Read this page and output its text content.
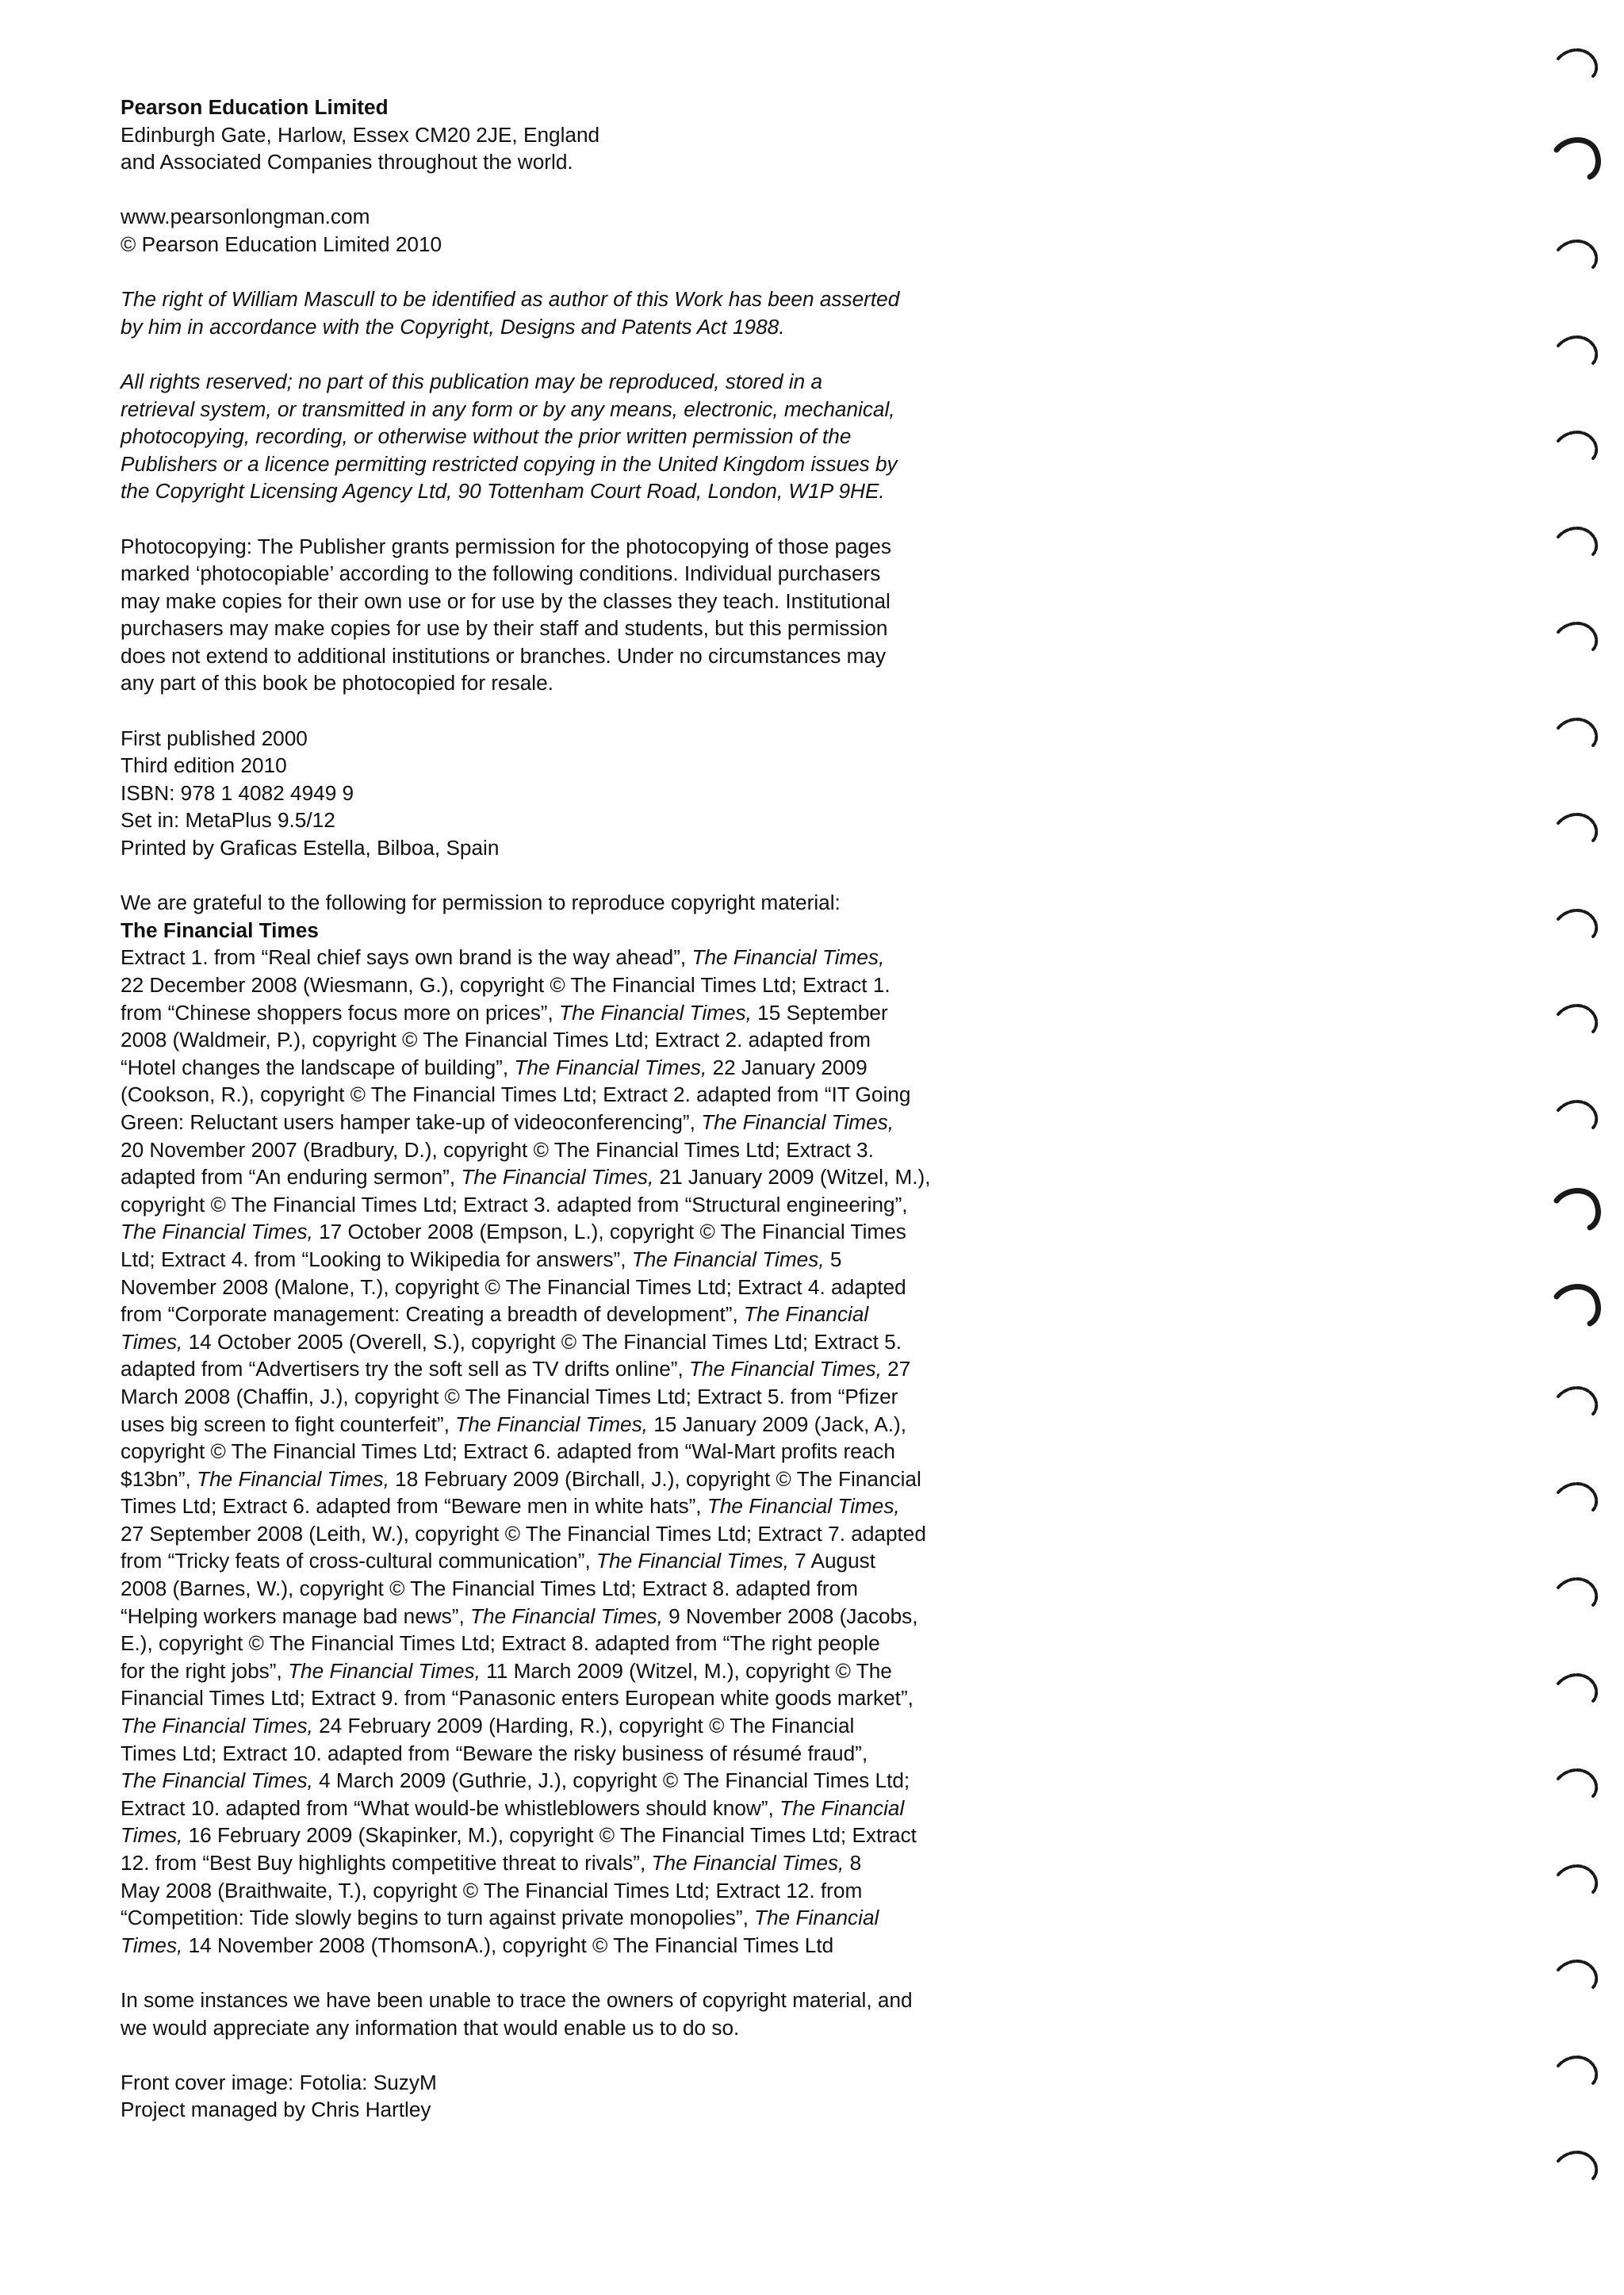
Pearson Education Limited
Edinburgh Gate, Harlow, Essex CM20 2JE, England
and Associated Companies throughout the world.
www.pearsonlongman.com
© Pearson Education Limited 2010
The right of William Mascull to be identified as author of this Work has been asserted
by him in accordance with the Copyright, Designs and Patents Act 1988.
All rights reserved; no part of this publication may be reproduced, stored in a
retrieval system, or transmitted in any form or by any means, electronic, mechanical,
photocopying, recording, or otherwise without the prior written permission of the
Publishers or a licence permitting restricted copying in the United Kingdom issues by
the Copyright Licensing Agency Ltd, 90 Tottenham Court Road, London, W1P 9HE.
Photocopying: The Publisher grants permission for the photocopying of those pages
marked ‘photocopiable’ according to the following conditions. Individual purchasers
may make copies for their own use or for use by the classes they teach. Institutional
purchasers may make copies for use by their staff and students, but this permission
does not extend to additional institutions or branches. Under no circumstances may
any part of this book be photocopied for resale.
First published 2000
Third edition 2010
ISBN: 978 1 4082 4949 9
Set in: MetaPlus 9.5/12
Printed by Graficas Estella, Bilboa, Spain
We are grateful to the following for permission to reproduce copyright material:
The Financial Times
Extract 1. from “Real chief says own brand is the way ahead”, The Financial Times,
22 December 2008 (Wiesmann, G.), copyright © The Financial Times Ltd; Extract 1.
from “Chinese shoppers focus more on prices”, The Financial Times, 15 September
2008 (Waldmeir, P.), copyright © The Financial Times Ltd; Extract 2. adapted from
“Hotel changes the landscape of building”, The Financial Times, 22 January 2009
(Cookson, R.), copyright © The Financial Times Ltd; Extract 2. adapted from “IT Going
Green: Reluctant users hamper take-up of videoconferencing”, The Financial Times,
20 November 2007 (Bradbury, D.), copyright © The Financial Times Ltd; Extract 3.
adapted from “An enduring sermon”, The Financial Times, 21 January 2009 (Witzel, M.),
copyright © The Financial Times Ltd; Extract 3. adapted from “Structural engineering”,
The Financial Times, 17 October 2008 (Empson, L.), copyright © The Financial Times
Ltd; Extract 4. from “Looking to Wikipedia for answers”, The Financial Times, 5
November 2008 (Malone, T.), copyright © The Financial Times Ltd; Extract 4. adapted
from “Corporate management: Creating a breadth of development”, The Financial
Times, 14 October 2005 (Overell, S.), copyright © The Financial Times Ltd; Extract 5.
adapted from “Advertisers try the soft sell as TV drifts online”, The Financial Times, 27
March 2008 (Chaffin, J.), copyright © The Financial Times Ltd; Extract 5. from “Pfizer
uses big screen to fight counterfeit”, The Financial Times, 15 January 2009 (Jack, A.),
copyright © The Financial Times Ltd; Extract 6. adapted from “Wal-Mart profits reach
$13bn”, The Financial Times, 18 February 2009 (Birchall, J.), copyright © The Financial
Times Ltd; Extract 6. adapted from “Beware men in white hats”, The Financial Times,
27 September 2008 (Leith, W.), copyright © The Financial Times Ltd; Extract 7. adapted
from “Tricky feats of cross-cultural communication”, The Financial Times, 7 August
2008 (Barnes, W.), copyright © The Financial Times Ltd; Extract 8. adapted from
“Helping workers manage bad news”, The Financial Times, 9 November 2008 (Jacobs,
E.), copyright © The Financial Times Ltd; Extract 8. adapted from “The right people
for the right jobs”, The Financial Times, 11 March 2009 (Witzel, M.), copyright © The
Financial Times Ltd; Extract 9. from “Panasonic enters European white goods market”,
The Financial Times, 24 February 2009 (Harding, R.), copyright © The Financial
Times Ltd; Extract 10. adapted from “Beware the risky business of résumé fraud”,
The Financial Times, 4 March 2009 (Guthrie, J.), copyright © The Financial Times Ltd;
Extract 10. adapted from “What would-be whistleblowers should know”, The Financial
Times, 16 February 2009 (Skapinker, M.), copyright © The Financial Times Ltd; Extract
12. from “Best Buy highlights competitive threat to rivals”, The Financial Times, 8
May 2008 (Braithwaite, T.), copyright © The Financial Times Ltd; Extract 12. from
“Competition: Tide slowly begins to turn against private monopolies”, The Financial
Times, 14 November 2008 (ThomsonA.), copyright © The Financial Times Ltd
In some instances we have been unable to trace the owners of copyright material, and
we would appreciate any information that would enable us to do so.
Front cover image: Fotolia: SuzyM
Project managed by Chris Hartley
